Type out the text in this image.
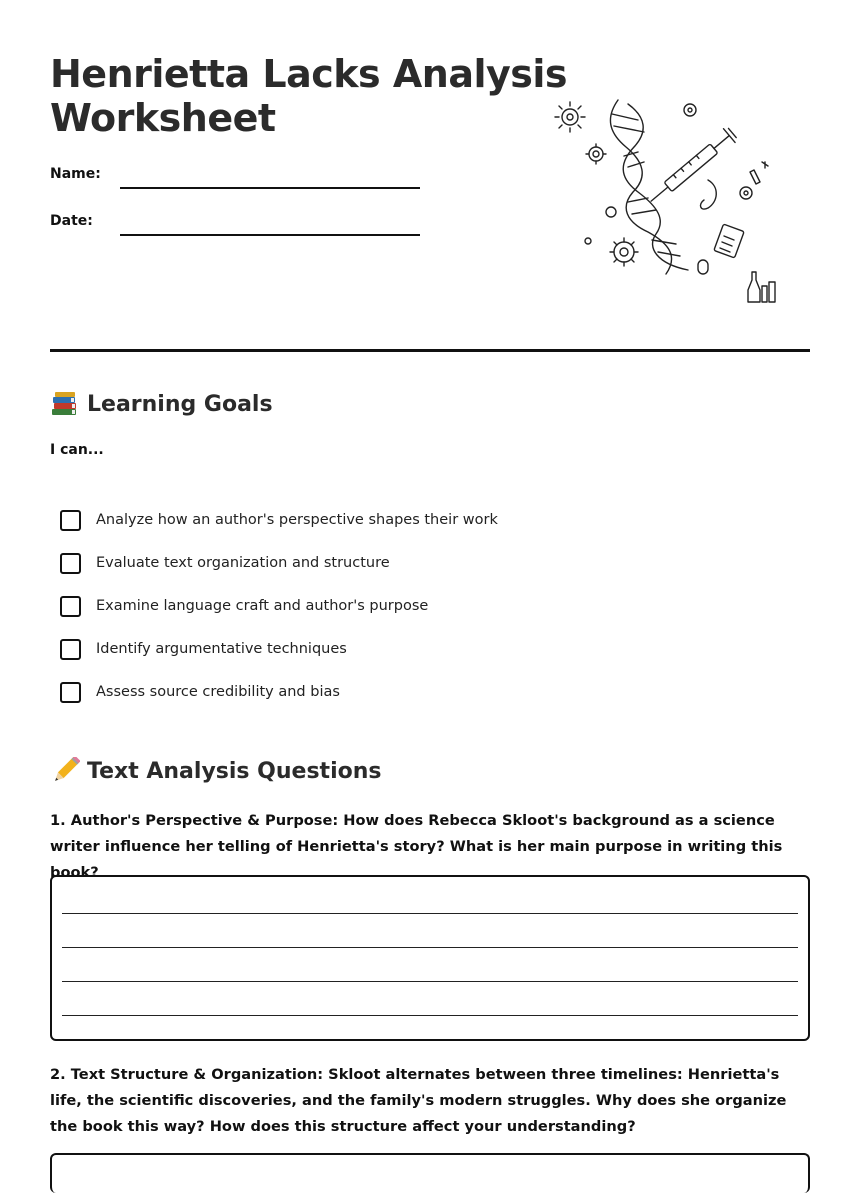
Henrietta Lacks Analysis Worksheet
Name:
Date:
Learning Goals
I can...
Analyze how an author's perspective shapes their work
Evaluate text organization and structure
Examine language craft and author's purpose
Identify argumentative techniques
Assess source credibility and bias
Text Analysis Questions

1. Author's Perspective & Purpose: How does Rebecca Skloot's background as a science writer influence her telling of Henrietta's story? What is her main purpose in writing this book?

2. Text Structure & Organization: Skloot alternates between three timelines: Henrietta's life, the scientific discoveries, and the family's modern struggles. Why does she organize the book this way? How does this structure affect your understanding?
